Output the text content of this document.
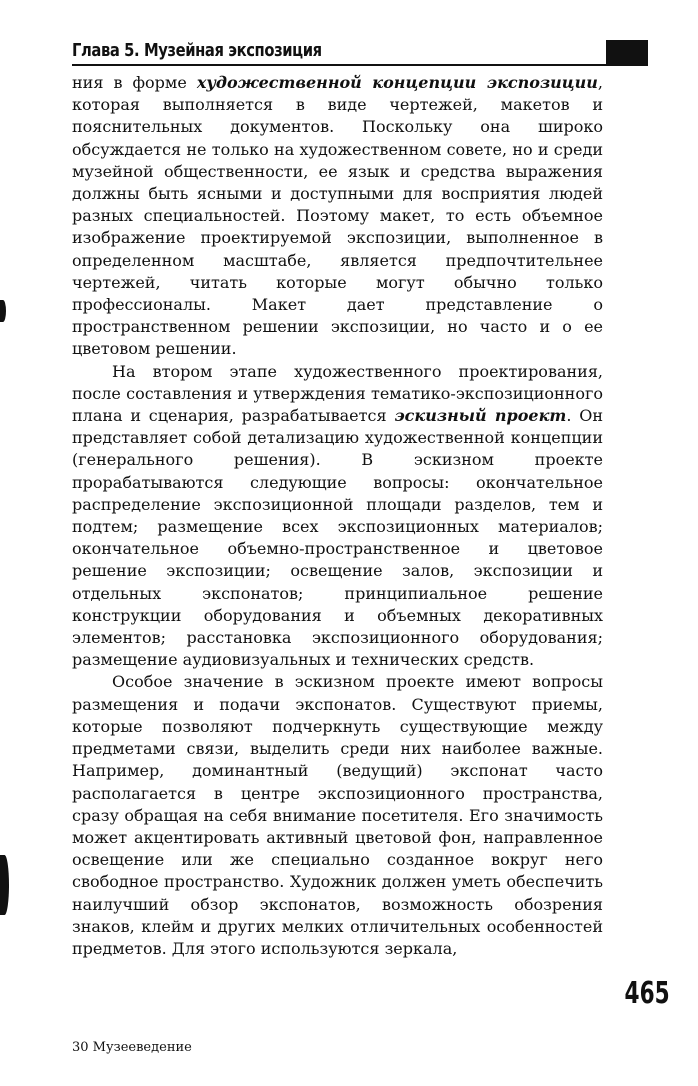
Глава 5. Музейная экспозиция

ния в форме художественной концепции экспозиции, которая выполняется в виде чертежей, макетов и пояснительных документов. Поскольку она широко обсуждается не только на художественном совете, но и среди музейной общественности, ее язык и средства выражения должны быть ясными и доступными для восприятия людей разных специальностей. Поэтому макет, то есть объемное изображение проектируемой экспозиции, выполненное в определенном масштабе, является предпочтительнее чертежей, читать которые могут обычно только профессионалы. Макет дает представление о пространственном решении экспозиции, но часто и о ее цветовом решении.

На втором этапе художественного проектирования, после составления и утверждения тематико-экспозиционного плана и сценария, разрабатывается эскизный проект. Он представляет собой детализацию художественной концепции (генерального решения). В эскизном проекте прорабатываются следующие вопросы: окончательное распределение экспозиционной площади разделов, тем и подтем; размещение всех экспозиционных материалов; окончательное объемно-пространственное и цветовое решение экспозиции; освещение залов, экспозиции и отдельных экспонатов; принципиальное решение конструкции оборудования и объемных декоративных элементов; расстановка экспозиционного оборудования; размещение аудиовизуальных и технических средств.

Особое значение в эскизном проекте имеют вопросы размещения и подачи экспонатов. Существуют приемы, которые позволяют подчеркнуть существующие между предметами связи, выделить среди них наиболее важные. Например, доминантный (ведущий) экспонат часто располагается в центре экспозиционного пространства, сразу обращая на себя внимание посетителя. Его значимость может акцентировать активный цветовой фон, направленное освещение или же специально созданное вокруг него свободное пространство. Художник должен уметь обеспечить наилучший обзор экспонатов, возможность обозрения знаков, клейм и других мелких отличительных особенностей предметов. Для этого используются зеркала,

465
30 Музееведение
